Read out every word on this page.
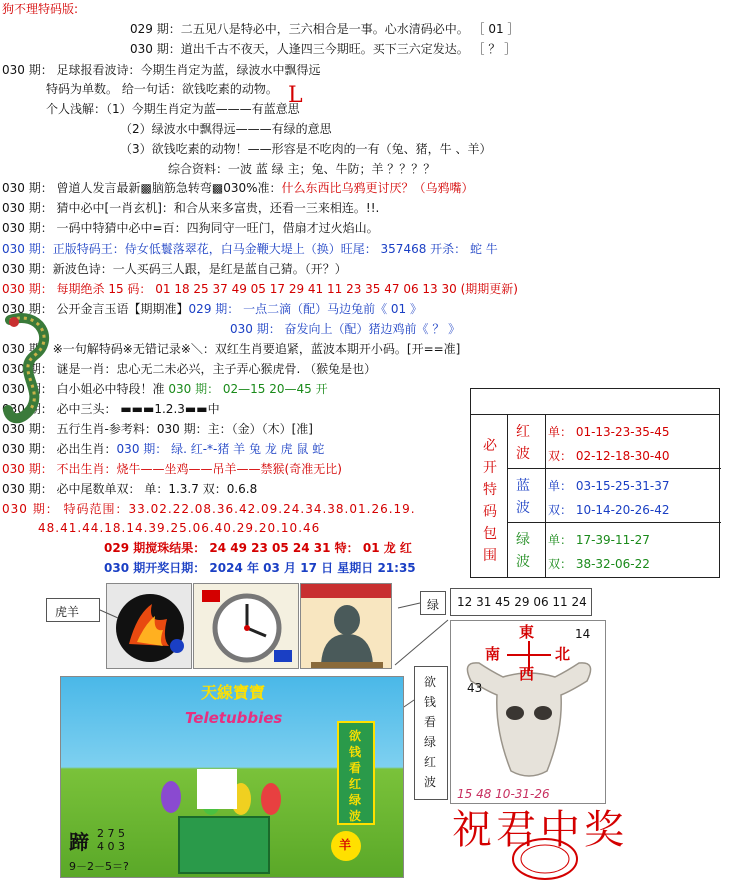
狗不理特码版:
029 期：二五见八是特必中，三六相合是一事。心水清码必中。 ［ 01 ］
030 期：道出千古不夜天，人逢四三今期旺。买下三六定发达。 ［ ？ ］
030 期： 足球报看波诗：今期生肖定为蓝，绿波水中飘得远
特码为单数。 给一句话：欲钱吃素的动物。
个人浅解：（1）今期生肖定为蓝———有蓝意思
（2）绿波水中飘得远———有绿的意思
（3）欲钱吃素的动物！——形容是不吃肉的一有（兔、猪，牛 、羊）
综合资料：一波 蓝 绿 主；兔、牛防；羊 ？？？？
L
030 期： 曾道人发言最新▩脑筋急转弯▩030%准：什么东西比乌鸦更讨厌？（乌鸦嘴）
030 期： 猜中必中[一肖玄机]：和合从来多富贵，还看一三来相连。!!.
030 期： 一码中特猜中必中=百：四狗同守一旺门，借扇才过火焰山。
030 期：正版特码王：侍女低鬟落翠花，白马金鞭大堤上（换）旺尾： 357468 开杀： 蛇 牛
030 期：新波色诗：一人买码三人跟，是红是蓝自己猜。（开？）
030 期： 每期绝杀 15 码： 01 18 25 37 49 05 17 29 41 11 23 35 47 06 13 30 (期期更新)
030 期： 公开金言玉语【期期准】029 期： 一点二滴（配）马边兔前《 01 》
030 期： 奋发向上（配）猪边鸡前《 ？ 》
030 期：※一句解特码※无错记录※＼：双红生肖要追紧，蓝波本期开小码。[开==准]
030 期： 谜是一肖：忠心无二未必兴，主子弄心猴虎骨. （猴兔是也）
030 期： 白小姐必中特段！准 030 期： 02—15 20—45 开
030 期： 必中三头： ▬▬▬1.2.3▬▬中
030 期： 五行生肖-参考料：030 期：主：（金）（木）[准]
030 期： 必出生肖：030 期： 绿. 红-*-猪 羊 兔 龙 虎 鼠 蛇
030 期： 不出生肖：烧牛——坐鸡——吊羊——禁猴(奇准无比)
030 期： 必中尾数单双： 单：1.3.7 双：0.6.8
030 期： 特码范围：33.02.22.08.36.42.09.24.34.38.01.26.19.
48.41.44.18.14.39.25.06.40.29.20.10.46
029 期搅珠结果： 24 49 23 05 24 31 特： 01 龙 红
030 期开奖日期： 2024 年 03 月 17 日 星期日 21:35
必
开
特
码
包
围
红
波
单： 01-13-23-35-45
双： 02-12-18-30-40
蓝
波
单： 03-15-25-31-37
双： 10-14-20-26-42
绿
波
单： 17-39-11-27
双： 38-32-06-22
虎羊	绿	12 31 45 29 06 11 24
欲
钱
看
绿
红
波
東
南	北
西
14
43
15 48 10-31-26
天線寶寶
Teletubbies
欲
钱
看
红
绿
波
蹄 2 7 5
4 0 3
9－2－5＝?
羊	祝君中奖
